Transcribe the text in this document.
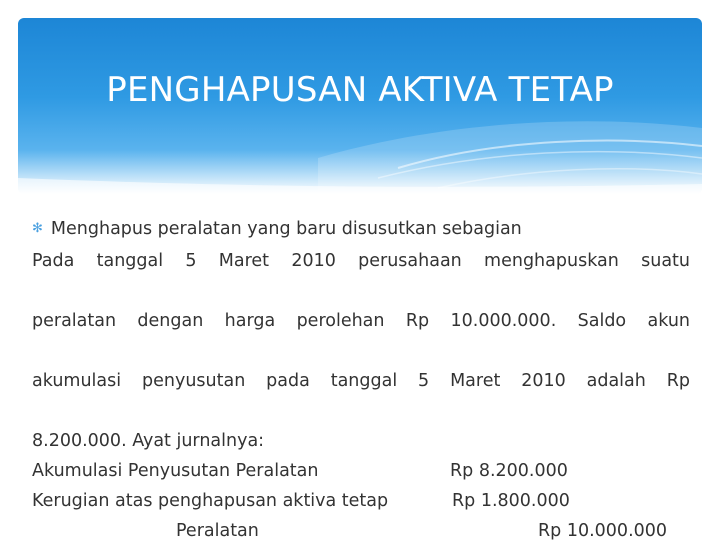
PENGHAPUSAN AKTIVA TETAP
✻ Menghapus peralatan yang baru disusutkan sebagian
Pada tanggal 5 Maret 2010 perusahaan menghapuskan suatu
peralatan dengan harga perolehan Rp 10.000.000. Saldo akun
akumulasi penyusutan pada tanggal 5 Maret 2010 adalah Rp
8.200.000. Ayat jurnalnya:
Akumulasi Penyusutan Peralatan	Rp 8.200.000
Kerugian atas penghapusan aktiva tetap	Rp 1.800.000
Peralatan	Rp 10.000.000
